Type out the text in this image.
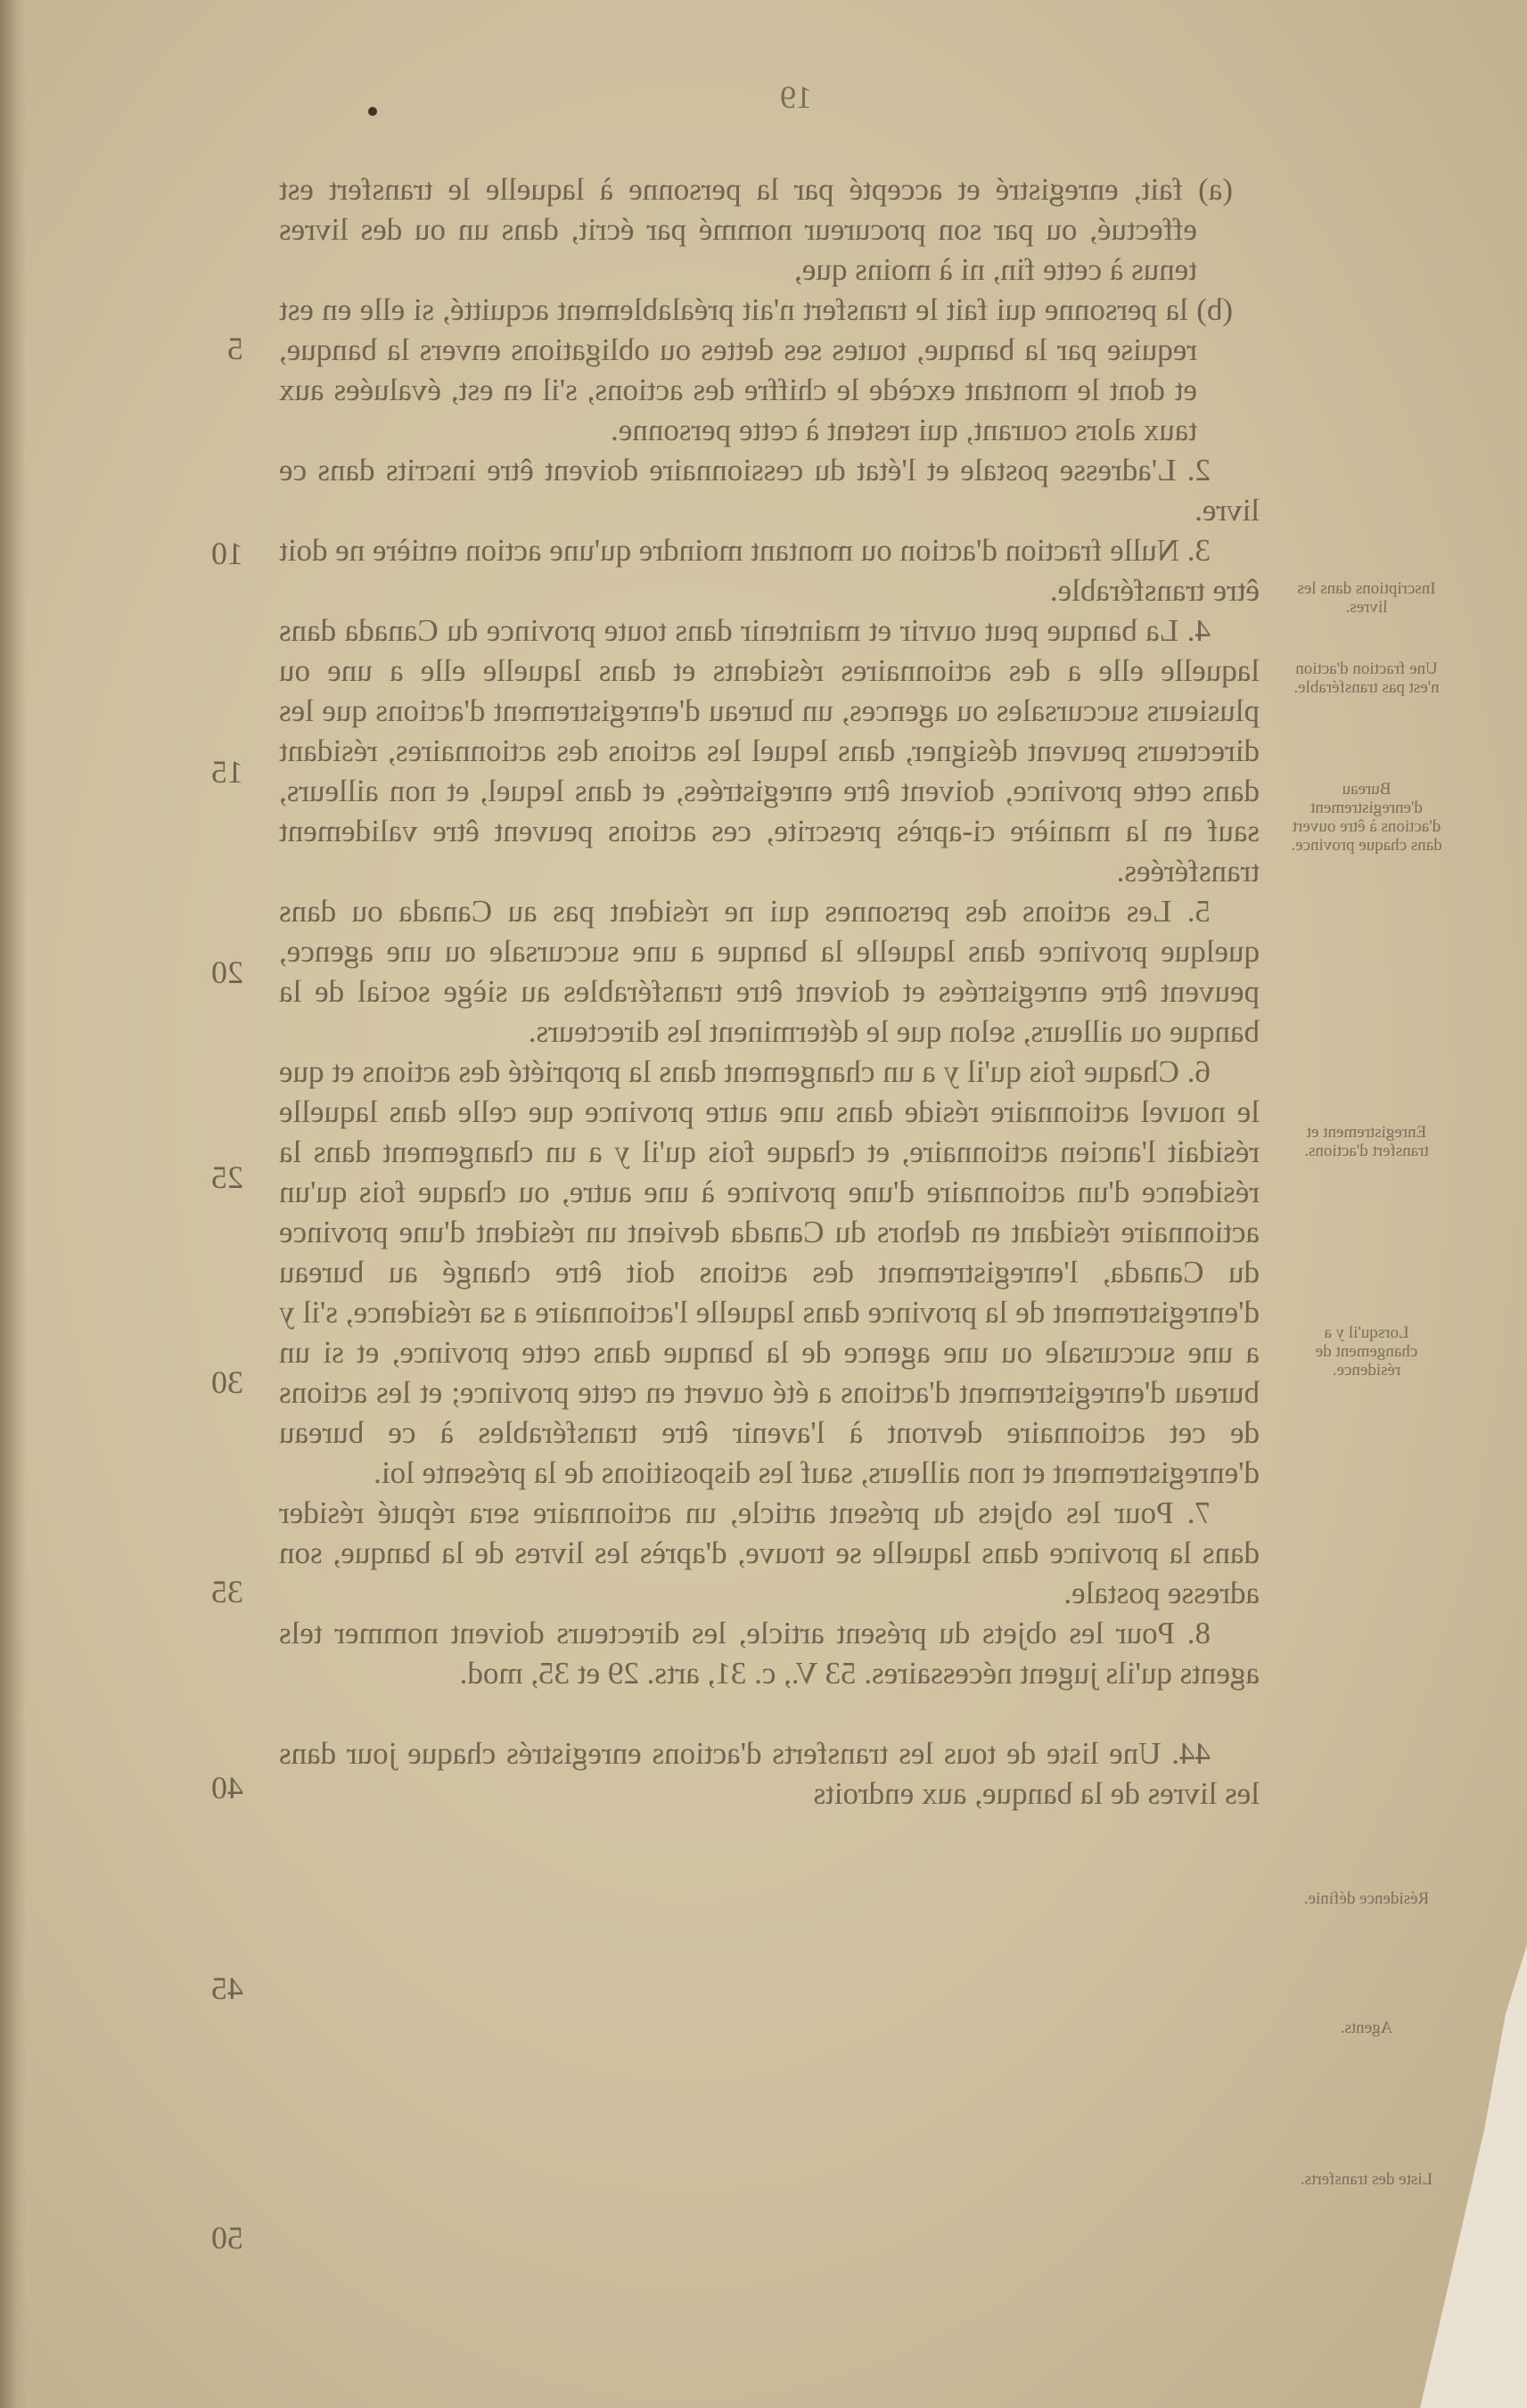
19

(a) fait, enregistré et accepté par la personne à laquelle le transfert est effectué, ou par son procureur nommé par écrit, dans un ou des livres tenus à cette fin, ni à moins que,

(b) la personne qui fait le transfert n'ait préalablement acquitté, si elle en est requise par la banque, toutes ses dettes ou obligations envers la banque, et dont le montant excède le chiffre des actions, s'il en est, évaluées aux taux alors courant, qui restent à cette personne.

2. L'adresse postale et l'état du cessionnaire doivent être inscrits dans ce livre.

3. Nulle fraction d'action ou montant moindre qu'une action entière ne doit être transférable.

4. La banque peut ouvrir et maintenir dans toute province du Canada dans laquelle elle a des actionnaires résidents et dans laquelle elle a une ou plusieurs succursales ou agences, un bureau d'enregistrement d'actions que les directeurs peuvent désigner, dans lequel les actions des actionnaires, résidant dans cette province, doivent être enregistrées, et dans lequel, et non ailleurs, sauf en la manière ci-après prescrite, ces actions peuvent être validement transférées.

5. Les actions des personnes qui ne résident pas au Canada ou dans quelque province dans laquelle la banque a une succursale ou une agence, peuvent être enregistrées et doivent être transférables au siège social de la banque ou ailleurs, selon que le déterminent les directeurs.

6. Chaque fois qu'il y a un changement dans la propriété des actions et que le nouvel actionnaire réside dans une autre province que celle dans laquelle résidait l'ancien actionnaire, et chaque fois qu'il y a un changement dans la résidence d'un actionnaire d'une province à une autre, ou chaque fois qu'un actionnaire résidant en dehors du Canada devient un résident d'une province du Canada, l'enregistrement des actions doit être changé au bureau d'enregistrement de la province dans laquelle l'actionnaire a sa résidence, s'il y a une succursale ou une agence de la banque dans cette province, et si un bureau d'enregistrement d'actions a été ouvert en cette province; et les actions de cet actionnaire devront à l'avenir être transférables à ce bureau d'enregistrement et non ailleurs, sauf les dispositions de la présente loi.

7. Pour les objets du présent article, un actionnaire sera réputé résider dans la province dans laquelle se trouve, d'après les livres de la banque, son adresse postale.

8. Pour les objets du présent article, les directeurs doivent nommer tels agents qu'ils jugent nécessaires. 53 V., c. 31, arts. 29 et 35, mod.

44. Une liste de tous les transferts d'actions enregistrés chaque jour dans les livres de la banque, aux endroits

5
10
15
20
25
30
35
40
45
50
Inscriptions dans les livres.
Une fraction d'action n'est pas transférable.
Bureau d'enregistrement d'actions à être ouvert dans chaque province.
Enregistrement et transfert d'actions.
Lorsqu'il y a changement de résidence.
Résidence définie.
Agents.
Liste des transferts.
